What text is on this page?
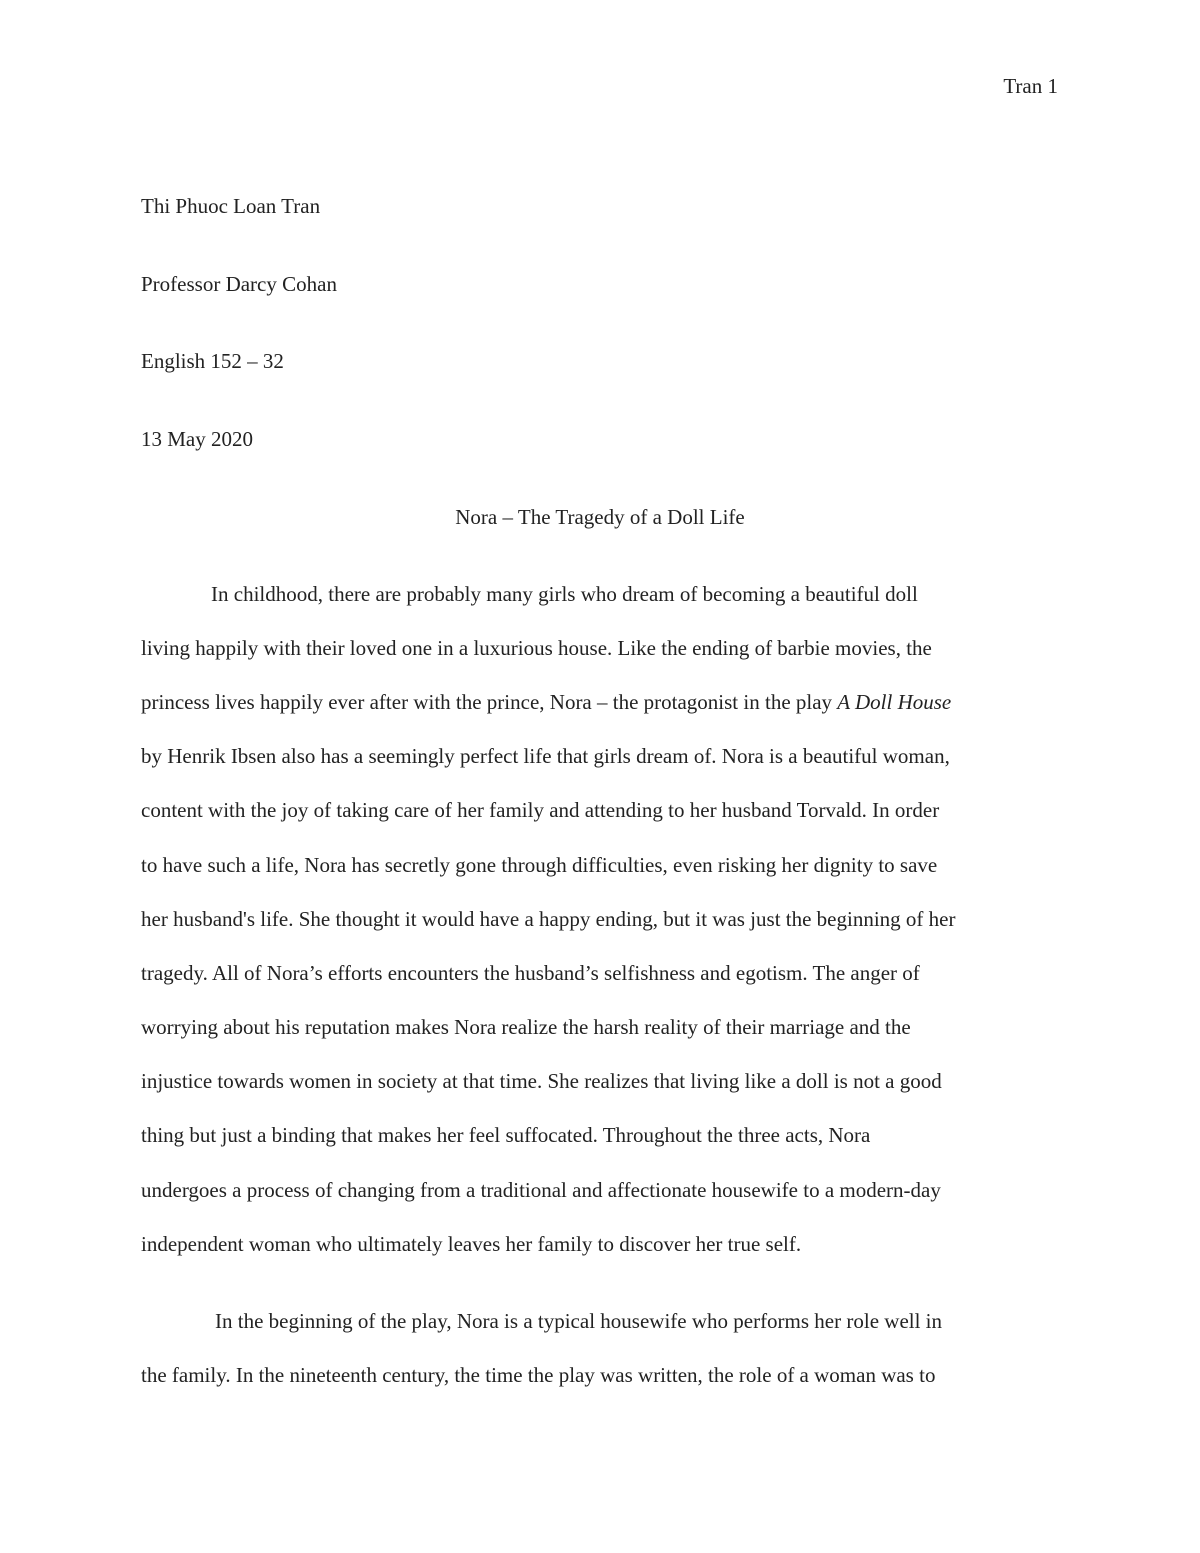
Tran 1
Thi Phuoc Loan Tran
Professor Darcy Cohan
English 152 – 32
13 May 2020
Nora – The Tragedy of a Doll Life
In childhood, there are probably many girls who dream of becoming a beautiful doll
living happily with their loved one in a luxurious house. Like the ending of barbie movies, the
princess lives happily ever after with the prince, Nora – the protagonist in the play A Doll House
by Henrik Ibsen also has a seemingly perfect life that girls dream of. Nora is a beautiful woman,
content with the joy of taking care of her family and attending to her husband Torvald. In order
to have such a life, Nora has secretly gone through difficulties, even risking her dignity to save
her husband's life. She thought it would have a happy ending, but it was just the beginning of her
tragedy. All of Nora’s efforts encounters the husband’s selfishness and egotism. The anger of
worrying about his reputation makes Nora realize the harsh reality of their marriage and the
injustice towards women in society at that time. She realizes that living like a doll is not a good
thing but just a binding that makes her feel suffocated. Throughout the three acts, Nora
undergoes a process of changing from a traditional and affectionate housewife to a modern-day
independent woman who ultimately leaves her family to discover her true self.
In the beginning of the play, Nora is a typical housewife who performs her role well in
the family. In the nineteenth century, the time the play was written, the role of a woman was to
